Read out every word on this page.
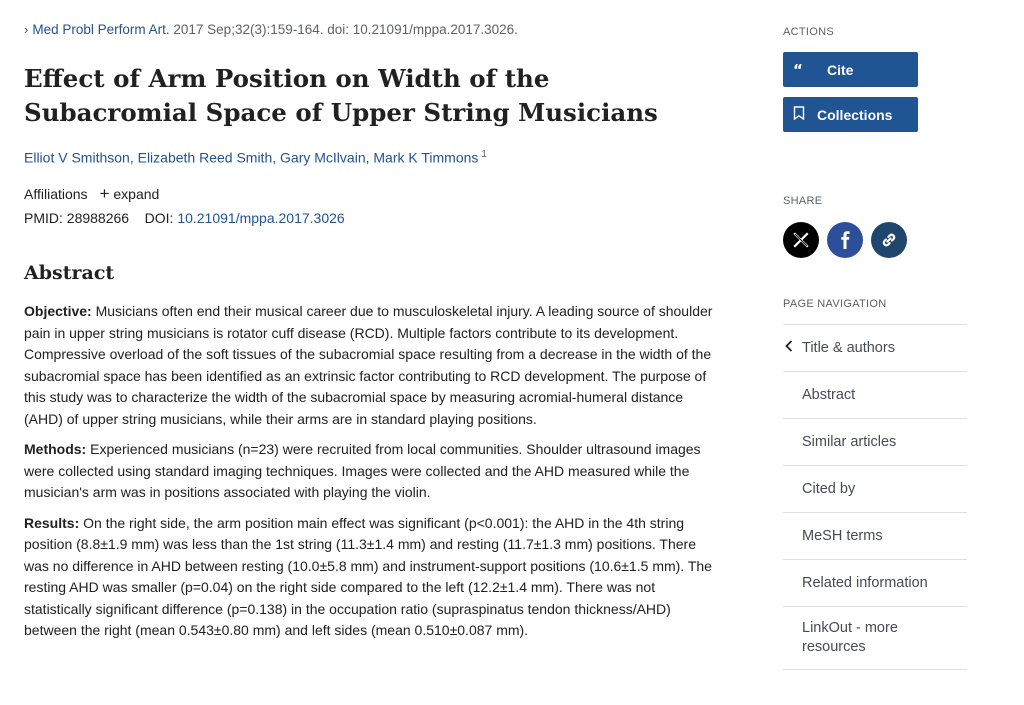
› Med Probl Perform Art. 2017 Sep;32(3):159-164. doi: 10.21091/mppa.2017.3026.
Effect of Arm Position on Width of the Subacromial Space of Upper String Musicians
Elliot V Smithson, Elizabeth Reed Smith, Gary McIlvain, Mark K Timmons $^1$
Affiliations + expand
PMID: 28988266 DOI: 10.21091/mppa.2017.3026
Abstract

Objective: Musicians often end their musical career due to musculoskeletal injury. A leading source of shoulder pain in upper string musicians is rotator cuff disease (RCD). Multiple factors contribute to its development. Compressive overload of the soft tissues of the subacromial space resulting from a decrease in the width of the subacromial space has been identified as an extrinsic factor contributing to RCD development. The purpose of this study was to characterize the width of the subacromial space by measuring acromial-humeral distance (AHD) of upper string musicians, while their arms are in standard playing positions.

Methods: Experienced musicians (n=23) were recruited from local communities. Shoulder ultrasound images were collected using standard imaging techniques. Images were collected and the AHD measured while the musician's arm was in positions associated with playing the violin.

Results: On the right side, the arm position main effect was significant (p<0.001): the AHD in the 4th string position (8.8±1.9 mm) was less than the 1st string (11.3±1.4 mm) and resting (11.7±1.3 mm) positions. There was no difference in AHD between resting (10.0±5.8 mm) and instrument-support positions (10.6±1.5 mm). The resting AHD was smaller (p=0.04) on the right side compared to the left (12.2±1.4 mm). There was not statistically significant difference (p=0.138) in the occupation ratio (supraspinatus tendon thickness/AHD) between the right (mean 0.543±0.80 mm) and left sides (mean 0.510±0.087 mm).

ACTIONS
“	Cite
Collections
SHARE
PAGE NAVIGATION
Title & authors
Abstract
Similar articles
Cited by
MeSH terms
Related information
LinkOut - more resources
